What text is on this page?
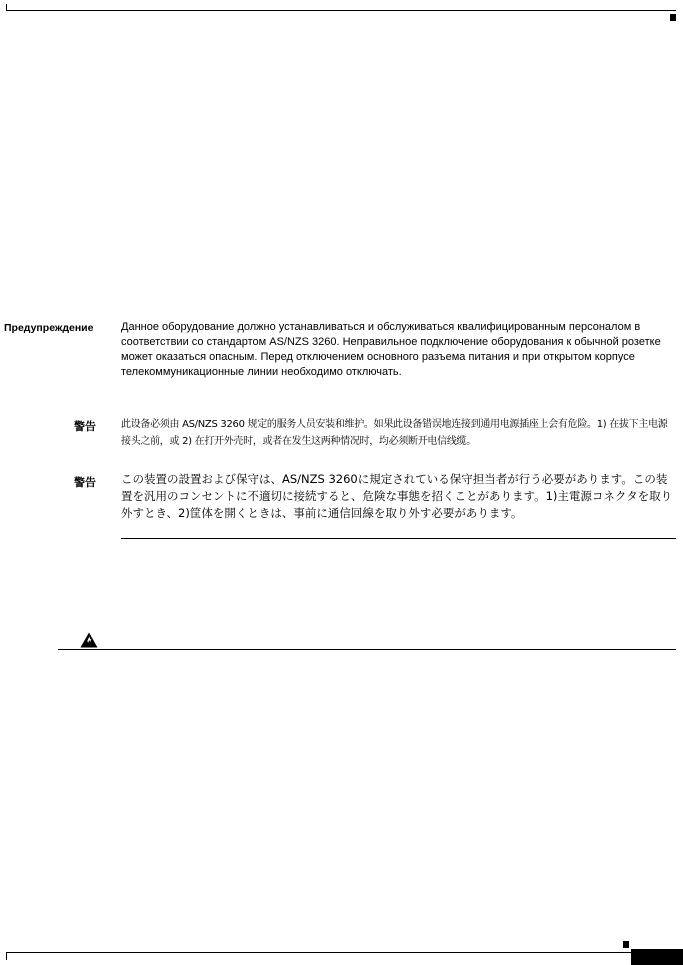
Предупреждение	Данное оборудование должно устанавливаться и обслуживаться квалифицированным персоналом в соответствии со стандартом AS/NZS 3260. Неправильное подключение оборудования к обычной розетке может оказаться опасным. Перед отключением основного разъема питания и при открытом корпусе телекоммуникационные линии необходимо отключать.
警告	此设备必须由 AS/NZS 3260 规定的服务人员安装和维护。如果此设备错误地连接到通用电源插座上会有危险。1) 在拔下主电源接头之前，或 2) 在打开外壳时，或者在发生这两种情况时，均必须断开电信线缆。
警告 この装置の設置および保守は、AS/NZS 3260に規定されている保守担当者が行う必要があります。この装置を汎用のコンセントに不適切に接続すると、危険な事態を招くことがあります。1)主電源コネクタを取り外すとき、2)筐体を開くときは、事前に通信回線を取り外す必要があります。
